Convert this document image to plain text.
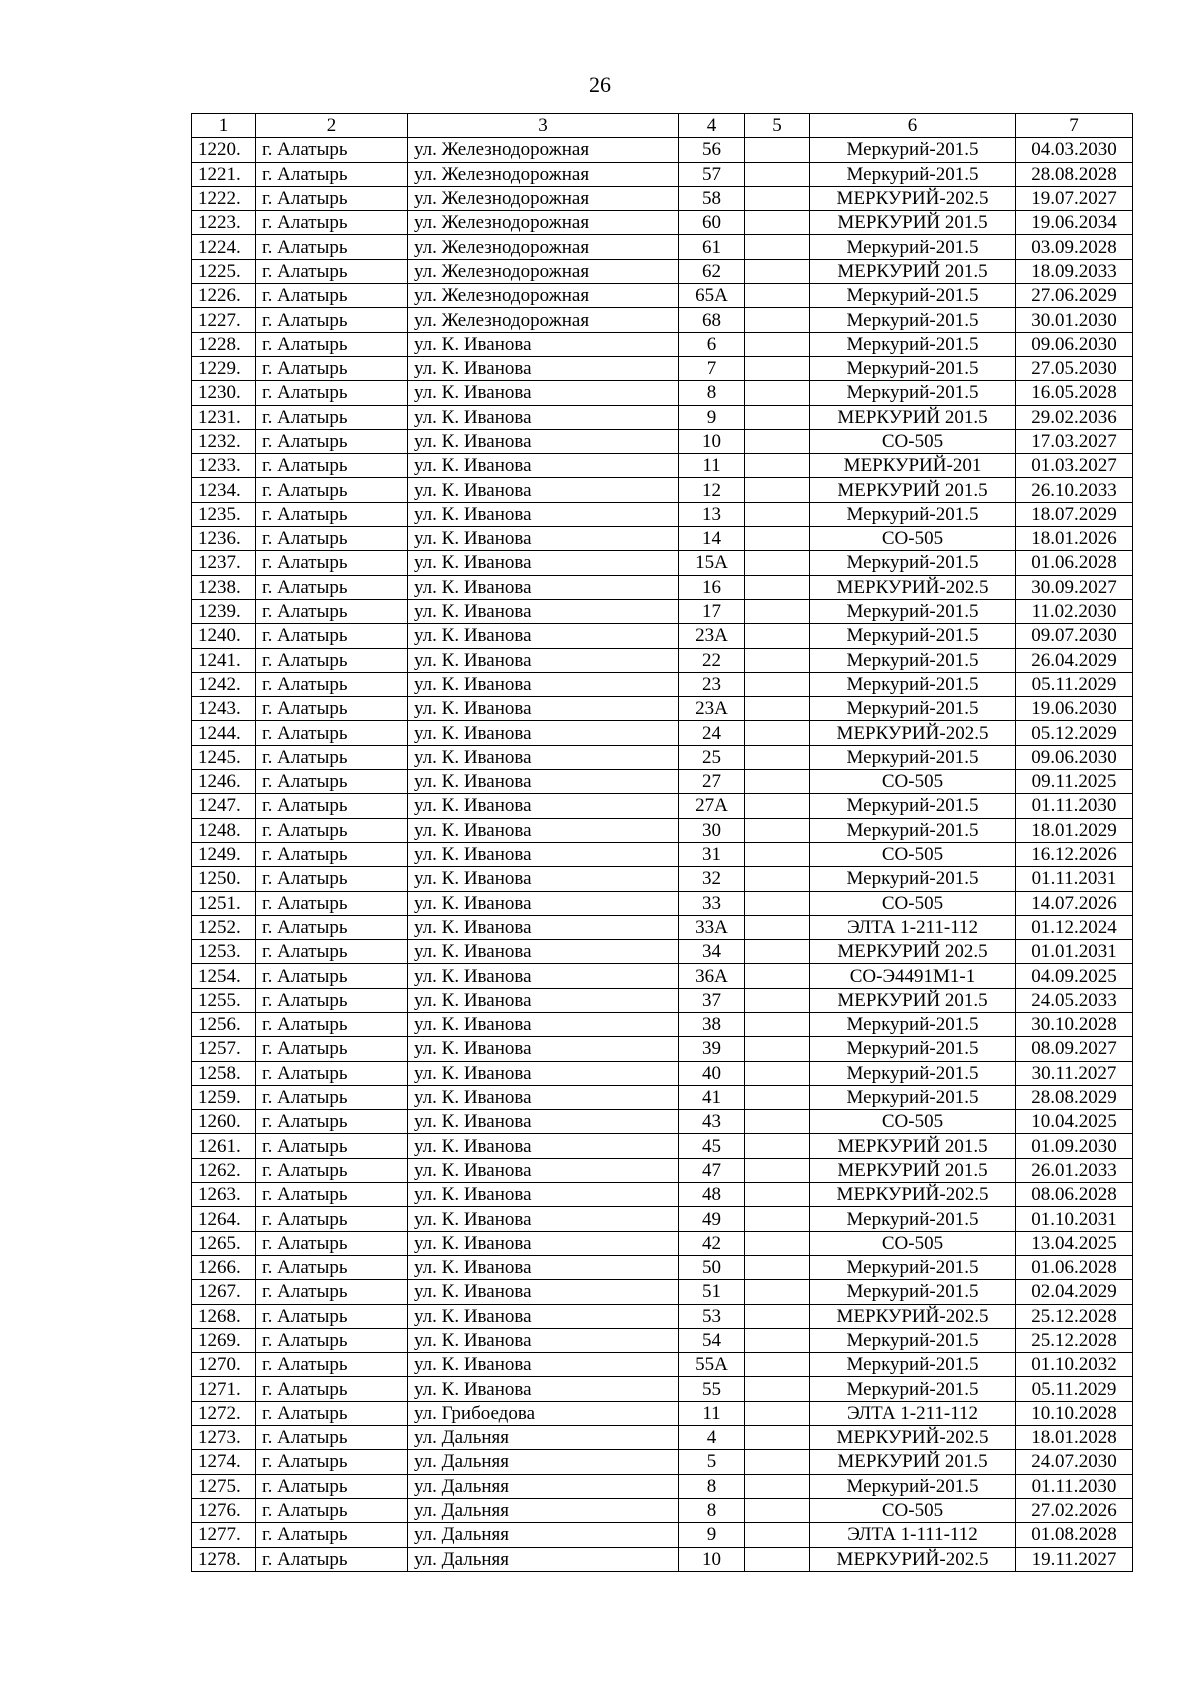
26
1	2	3	4	5	6	7
1220.	г. Алатырь	ул. Железнодорожная	56		Меркурий-201.5	04.03.2030
1221.	г. Алатырь	ул. Железнодорожная	57		Меркурий-201.5	28.08.2028
1222.	г. Алатырь	ул. Железнодорожная	58		МЕРКУРИЙ-202.5	19.07.2027
1223.	г. Алатырь	ул. Железнодорожная	60		МЕРКУРИЙ 201.5	19.06.2034
1224.	г. Алатырь	ул. Железнодорожная	61		Меркурий-201.5	03.09.2028
1225.	г. Алатырь	ул. Железнодорожная	62		МЕРКУРИЙ 201.5	18.09.2033
1226.	г. Алатырь	ул. Железнодорожная	65А		Меркурий-201.5	27.06.2029
1227.	г. Алатырь	ул. Железнодорожная	68		Меркурий-201.5	30.01.2030
1228.	г. Алатырь	ул. К. Иванова	6		Меркурий-201.5	09.06.2030
1229.	г. Алатырь	ул. К. Иванова	7		Меркурий-201.5	27.05.2030
1230.	г. Алатырь	ул. К. Иванова	8		Меркурий-201.5	16.05.2028
1231.	г. Алатырь	ул. К. Иванова	9		МЕРКУРИЙ 201.5	29.02.2036
1232.	г. Алатырь	ул. К. Иванова	10		СО-505	17.03.2027
1233.	г. Алатырь	ул. К. Иванова	11		МЕРКУРИЙ-201	01.03.2027
1234.	г. Алатырь	ул. К. Иванова	12		МЕРКУРИЙ 201.5	26.10.2033
1235.	г. Алатырь	ул. К. Иванова	13		Меркурий-201.5	18.07.2029
1236.	г. Алатырь	ул. К. Иванова	14		СО-505	18.01.2026
1237.	г. Алатырь	ул. К. Иванова	15А		Меркурий-201.5	01.06.2028
1238.	г. Алатырь	ул. К. Иванова	16		МЕРКУРИЙ-202.5	30.09.2027
1239.	г. Алатырь	ул. К. Иванова	17		Меркурий-201.5	11.02.2030
1240.	г. Алатырь	ул. К. Иванова	23А		Меркурий-201.5	09.07.2030
1241.	г. Алатырь	ул. К. Иванова	22		Меркурий-201.5	26.04.2029
1242.	г. Алатырь	ул. К. Иванова	23		Меркурий-201.5	05.11.2029
1243.	г. Алатырь	ул. К. Иванова	23А		Меркурий-201.5	19.06.2030
1244.	г. Алатырь	ул. К. Иванова	24		МЕРКУРИЙ-202.5	05.12.2029
1245.	г. Алатырь	ул. К. Иванова	25		Меркурий-201.5	09.06.2030
1246.	г. Алатырь	ул. К. Иванова	27		СО-505	09.11.2025
1247.	г. Алатырь	ул. К. Иванова	27А		Меркурий-201.5	01.11.2030
1248.	г. Алатырь	ул. К. Иванова	30		Меркурий-201.5	18.01.2029
1249.	г. Алатырь	ул. К. Иванова	31		СО-505	16.12.2026
1250.	г. Алатырь	ул. К. Иванова	32		Меркурий-201.5	01.11.2031
1251.	г. Алатырь	ул. К. Иванова	33		СО-505	14.07.2026
1252.	г. Алатырь	ул. К. Иванова	33А		ЭЛТА 1-211-112	01.12.2024
1253.	г. Алатырь	ул. К. Иванова	34		МЕРКУРИЙ 202.5	01.01.2031
1254.	г. Алатырь	ул. К. Иванова	36А		СО-Э4491М1-1	04.09.2025
1255.	г. Алатырь	ул. К. Иванова	37		МЕРКУРИЙ 201.5	24.05.2033
1256.	г. Алатырь	ул. К. Иванова	38		Меркурий-201.5	30.10.2028
1257.	г. Алатырь	ул. К. Иванова	39		Меркурий-201.5	08.09.2027
1258.	г. Алатырь	ул. К. Иванова	40		Меркурий-201.5	30.11.2027
1259.	г. Алатырь	ул. К. Иванова	41		Меркурий-201.5	28.08.2029
1260.	г. Алатырь	ул. К. Иванова	43		СО-505	10.04.2025
1261.	г. Алатырь	ул. К. Иванова	45		МЕРКУРИЙ 201.5	01.09.2030
1262.	г. Алатырь	ул. К. Иванова	47		МЕРКУРИЙ 201.5	26.01.2033
1263.	г. Алатырь	ул. К. Иванова	48		МЕРКУРИЙ-202.5	08.06.2028
1264.	г. Алатырь	ул. К. Иванова	49		Меркурий-201.5	01.10.2031
1265.	г. Алатырь	ул. К. Иванова	42		СО-505	13.04.2025
1266.	г. Алатырь	ул. К. Иванова	50		Меркурий-201.5	01.06.2028
1267.	г. Алатырь	ул. К. Иванова	51		Меркурий-201.5	02.04.2029
1268.	г. Алатырь	ул. К. Иванова	53		МЕРКУРИЙ-202.5	25.12.2028
1269.	г. Алатырь	ул. К. Иванова	54		Меркурий-201.5	25.12.2028
1270.	г. Алатырь	ул. К. Иванова	55А		Меркурий-201.5	01.10.2032
1271.	г. Алатырь	ул. К. Иванова	55		Меркурий-201.5	05.11.2029
1272.	г. Алатырь	ул. Грибоедова	11		ЭЛТА 1-211-112	10.10.2028
1273.	г. Алатырь	ул. Дальняя	4		МЕРКУРИЙ-202.5	18.01.2028
1274.	г. Алатырь	ул. Дальняя	5		МЕРКУРИЙ 201.5	24.07.2030
1275.	г. Алатырь	ул. Дальняя	8		Меркурий-201.5	01.11.2030
1276.	г. Алатырь	ул. Дальняя	8		СО-505	27.02.2026
1277.	г. Алатырь	ул. Дальняя	9		ЭЛТА 1-111-112	01.08.2028
1278.	г. Алатырь	ул. Дальняя	10		МЕРКУРИЙ-202.5	19.11.2027
